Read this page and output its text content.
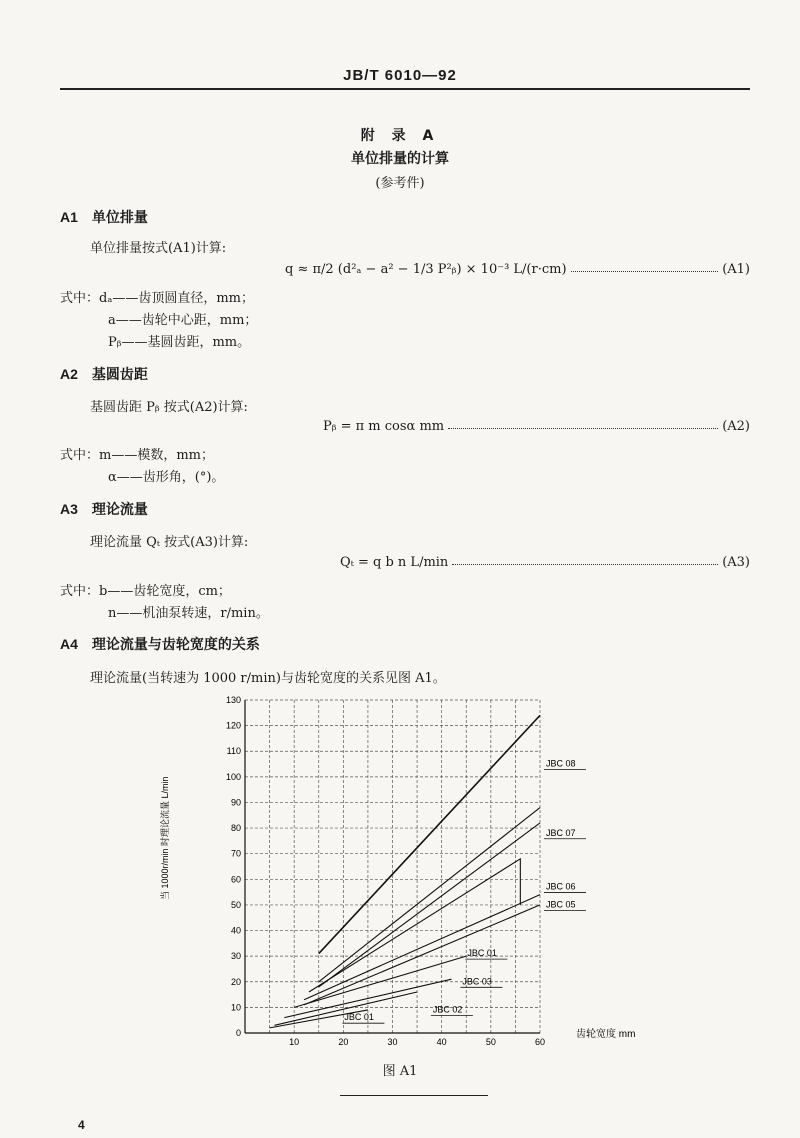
JB/T 6010—92
附 录 A
单位排量的计算
(参考件)
A1 单位排量
单位排量按式(A1)计算:
q ≈ π/2 (d²ₐ − a² − 1/3 P²ᵦ) × 10⁻³ L/(r·cm)	(A1)
式中：dₐ——齿顶圆直径，mm；
a——齿轮中心距，mm；
Pᵦ——基圆齿距，mm。
A2 基圆齿距
基圆齿距 Pᵦ 按式(A2)计算:
Pᵦ = π m cosα mm	(A2)
式中：m——模数，mm；
α——齿形角，(°)。
A3 理论流量
理论流量 Qₜ 按式(A3)计算:
Qₜ = q b n L/min	(A3)
式中：b——齿轮宽度，cm；
n——机油泵转速，r/min。
A4 理论流量与齿轮宽度的关系
理论流量(当转速为 1000 r/min)与齿轮宽度的关系见图 A1。
0
10
20
30
40
50
60
70
80
90
100
110
120
130
10	20	30	40	50	60
JBC 08
JBC 07
JBC 06
JBC 05
JBC 01
JBC 03
JBC 02
JBC 01
齿轮宽度 mm
当 1000r/min 时理论流量 L/min
图 A1
4
